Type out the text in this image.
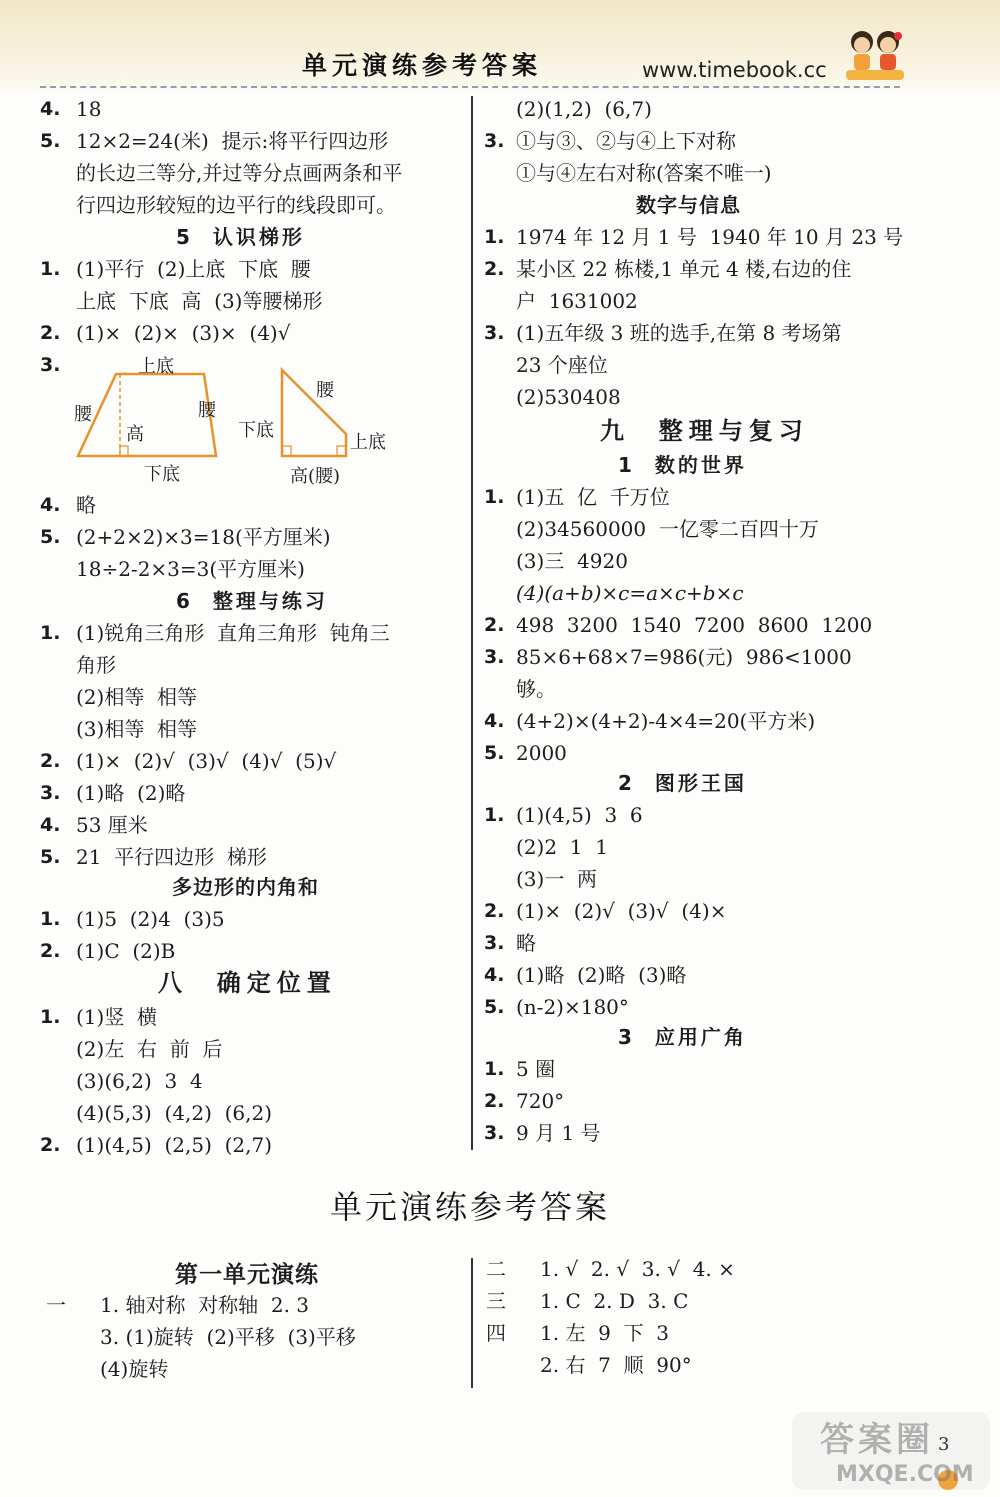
单元演练参考答案	www.timebook.cc
4. 18
5. 12×2=24(米)  提示:将平行四边形
的长边三等分,并过等分点画两条和平
行四边形较短的边平行的线段即可。
5  认识梯形
1. (1)平行  (2)上底  下底  腰
上底  下底  高  (3)等腰梯形
2. (1)×  (2)×  (3)×  (4)√
3.	上底
腰	腰
高
下底
腰
下底
上底
高(腰)
4. 略
5. (2+2×2)×3=18(平方厘米)
18÷2-2×3=3(平方厘米)
6  整理与练习
1. (1)锐角三角形  直角三角形  钝角三
角形
(2)相等  相等
(3)相等  相等
2. (1)×  (2)√  (3)√  (4)√  (5)√
3. (1)略  (2)略
4. 53 厘米
5. 21  平行四边形  梯形
多边形的内角和
1. (1)5  (2)4  (3)5
2. (1)C  (2)B
八  确定位置
1. (1)竖  横
(2)左  右  前  后
(3)(6,2)  3  4
(4)(5,3)  (4,2)  (6,2)
2. (1)(4,5)  (2,5)  (2,7)
(2)(1,2)  (6,7)
3. ①与③、②与④上下对称
①与④左右对称(答案不唯一)
数字与信息
1. 1974 年 12 月 1 号  1940 年 10 月 23 号
2. 某小区 22 栋楼,1 单元 4 楼,右边的住
户  1631002
3. (1)五年级 3 班的选手,在第 8 考场第
23 个座位
(2)530408
九  整理与复习
1  数的世界
1. (1)五  亿  千万位
(2)34560000  一亿零二百四十万
(3)三  4920
(4)(a+b)×c=a×c+b×c
2. 498  3200  1540  7200  8600  1200
3. 85×6+68×7=986(元)  986<1000
够。
4. (4+2)×(4+2)-4×4=20(平方米)
5. 2000
2  图形王国
1. (1)(4,5)  3  6
(2)2  1  1
(3)一  两
2. (1)×  (2)√  (3)√  (4)×
3. 略
4. (1)略  (2)略  (3)略
5. (n-2)×180°
3  应用广角
1. 5 圈
2. 720°
3. 9 月 1 号
单元演练参考答案
第一单元演练
一 1. 轴对称  对称轴  2. 3
3. (1)旋转  (2)平移  (3)平移
(4)旋转
二 1. √  2. √  3. √  4. ×
三 1. C  2. D  3. C
四 1. 左  9  下  3
2. 右  7  顺  90°
答案圈
MXQE.COM
3
